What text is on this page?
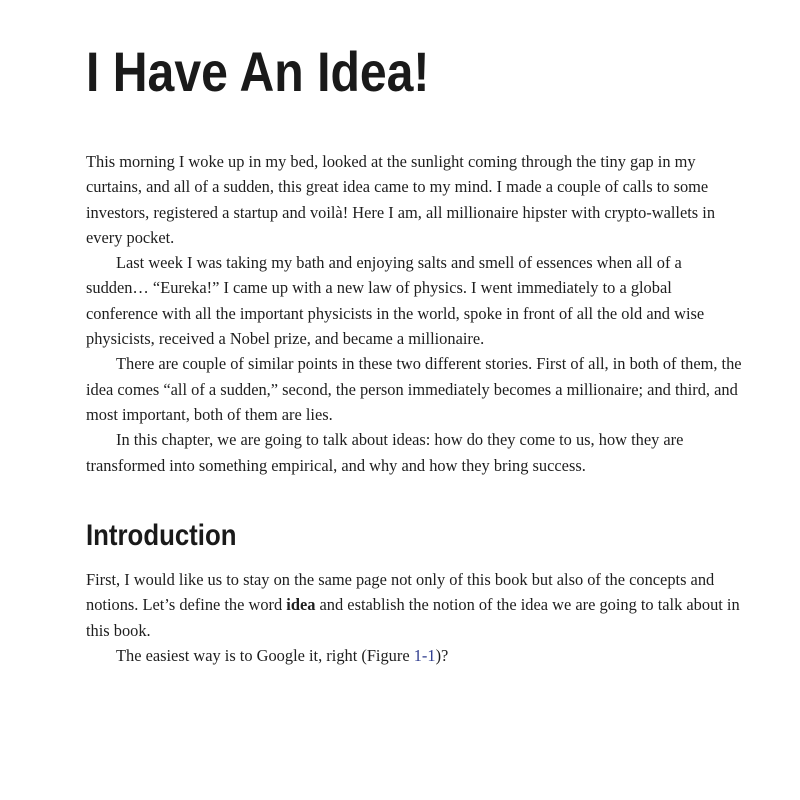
I Have An Idea!

This morning I woke up in my bed, looked at the sunlight coming through the tiny gap in my curtains, and all of a sudden, this great idea came to my mind. I made a couple of calls to some investors, registered a startup and voilà! Here I am, all millionaire hipster with crypto-wallets in every pocket.

Last week I was taking my bath and enjoying salts and smell of essences when all of a sudden… “Eureka!” I came up with a new law of physics. I went immediately to a global conference with all the important physicists in the world, spoke in front of all the old and wise physicists, received a Nobel prize, and became a millionaire.

There are couple of similar points in these two different stories. First of all, in both of them, the idea comes “all of a sudden,” second, the person immediately becomes a millionaire; and third, and most important, both of them are lies.

In this chapter, we are going to talk about ideas: how do they come to us, how they are transformed into something empirical, and why and how they bring success.

Introduction

First, I would like us to stay on the same page not only of this book but also of the concepts and notions. Let’s define the word idea and establish the notion of the idea we are going to talk about in this book.

The easiest way is to Google it, right (Figure 1-1)?
